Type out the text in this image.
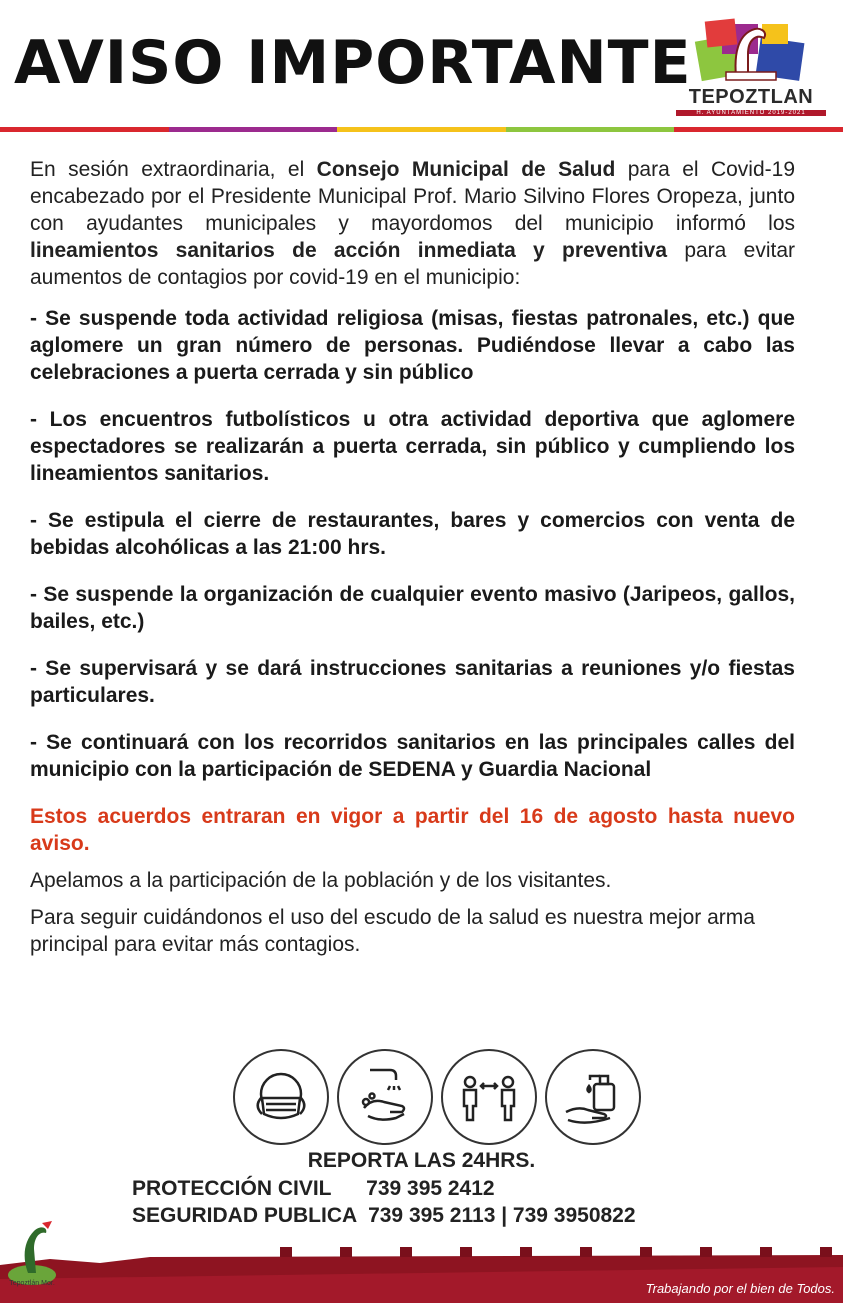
AVISO IMPORTANTE
TEPOZTLAN
H. AYUNTAMIENTO 2019-2021

En sesión extraordinaria, el Consejo Municipal de Salud para el Covid-19 encabezado por el Presidente Municipal Prof. Mario Silvino Flores Oropeza, junto con ayudantes municipales y mayordomos del municipio informó los lineamientos sanitarios de acción inmediata y preventiva para evitar aumentos de contagios por covid-19 en el municipio:

- Se suspende toda actividad religiosa (misas, fiestas patronales, etc.) que aglomere un gran número de personas. Pudiéndose llevar a cabo las celebraciones a puerta cerrada y sin público

- Los encuentros futbolísticos u otra actividad deportiva que aglomere espectadores se realizarán a puerta cerrada, sin público y cumpliendo los lineamientos sanitarios.

- Se estipula el cierre de restaurantes, bares y comercios con venta de bebidas alcohólicas a las 21:00 hrs.

- Se suspende la organización de cualquier evento masivo (Jaripeos, gallos, bailes, etc.)

- Se supervisará y se dará instrucciones sanitarias a reuniones y/o fiestas particulares.

- Se continuará con los recorridos sanitarios en las principales calles del municipio con la participación de SEDENA y Guardia Nacional

Estos acuerdos entraran en vigor a partir del 16 de agosto hasta nuevo aviso.

Apelamos a la participación de la población y de los visitantes.

Para seguir cuidándonos el uso del escudo de la salud es nuestra mejor arma principal para evitar más contagios.

REPORTA LAS 24HRS.
PROTECCIÓN CIVIL      739 395 2412
SEGURIDAD PUBLICA  739 395 2113 | 739 3950822
Trabajando por el bien de Todos.
Tepoztlán Mor.
